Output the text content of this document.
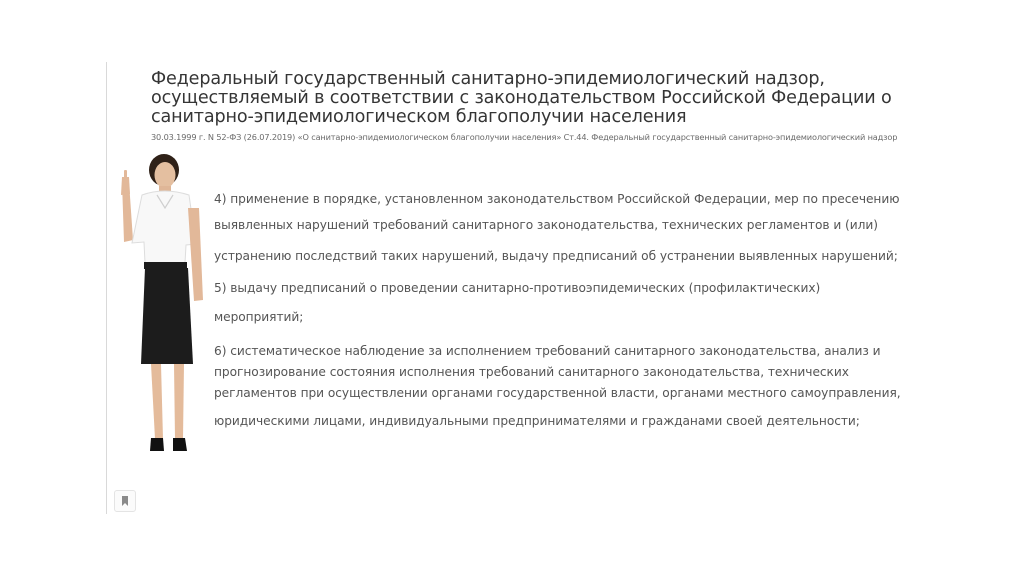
Федеральный государственный санитарно-эпидемиологический надзор,
осуществляемый в соответствии с законодательством Российской Федерации о
санитарно-эпидемиологическом благополучии населения
30.03.1999 г. N 52-ФЗ (26.07.2019) «О санитарно-эпидемиологическом благополучии населения» Ст.44. Федеральный государственный санитарно-эпидемиологический надзор
4) применение в порядке, установленном законодательством Российской Федерации, мер по пресечению
выявленных нарушений требований санитарного законодательства, технических регламентов и (или)
устранению последствий таких нарушений, выдачу предписаний об устранении выявленных нарушений;
5) выдачу предписаний о проведении санитарно-противоэпидемических (профилактических)
мероприятий;
6) систематическое наблюдение за исполнением требований санитарного законодательства, анализ и
прогнозирование состояния исполнения требований санитарного законодательства, технических
регламентов при осуществлении органами государственной власти, органами местного самоуправления,
юридическими лицами, индивидуальными предпринимателями и гражданами своей деятельности;
